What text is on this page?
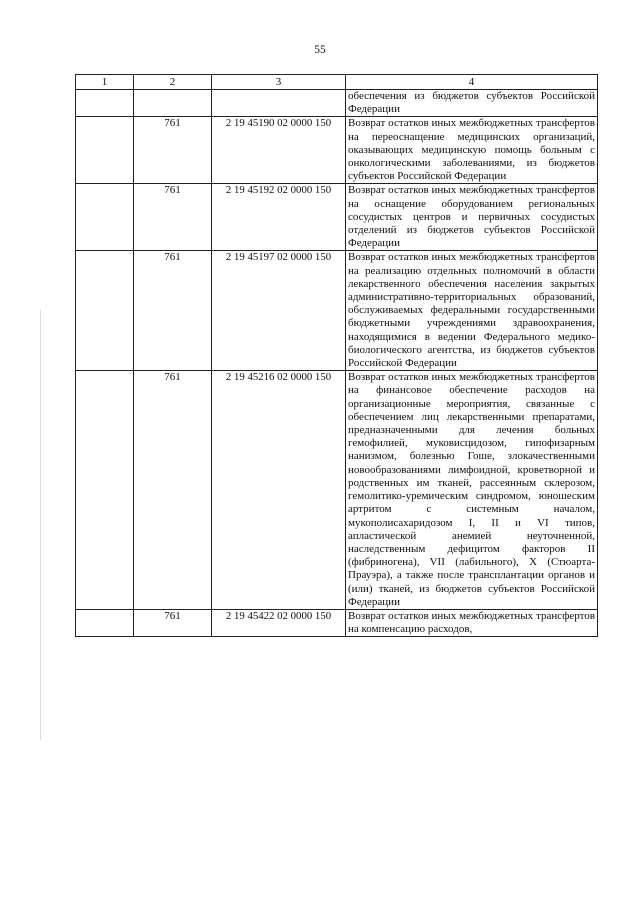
55
1	2	3	4
			обеспечения из бюджетов субъектов Российской Федерации
	761	2 19 45190 02 0000 150	Возврат остатков иных межбюджетных трансфертов на переоснащение медицинских организаций, оказывающих медицинскую помощь больным с онкологическими заболеваниями, из бюджетов субъектов Российской Федерации
	761	2 19 45192 02 0000 150	Возврат остатков иных межбюджетных трансфертов на оснащение оборудованием региональных сосудистых центров и первичных сосудистых отделений из бюджетов субъектов Российской Федерации
	761	2 19 45197 02 0000 150	Возврат остатков иных межбюджетных трансфертов на реализацию отдельных полномочий в области лекарственного обеспечения населения закрытых административно-территориальных образований, обслуживаемых федеральными государственными бюджетными учреждениями здравоохранения, находящимися в ведении Федерального медико-биологического агентства, из бюджетов субъектов Российской Федерации
	761	2 19 45216 02 0000 150	Возврат остатков иных межбюджетных трансфертов на финансовое обеспечение расходов на организационные мероприятия, связанные с обеспечением лиц лекарственными препаратами, предназначенными для лечения больных гемофилией, муковисцидозом, гипофизарным нанизмом, болезнью Гоше, злокачественными новообразованиями лимфоидной, кроветворной и родственных им тканей, рассеянным склерозом, гемолитико-уремическим синдромом, юношеским артритом с системным началом, мукополисахаридозом I, II и VI типов, апластической анемией неуточненной, наследственным дефицитом факторов II (фибриногена), VII (лабильного), X (Стюарта-Прауэра), а также после трансплантации органов и (или) тканей, из бюджетов субъектов Российской Федерации
	761	2 19 45422 02 0000 150	Возврат остатков иных межбюджетных трансфертов на компенсацию расходов,
